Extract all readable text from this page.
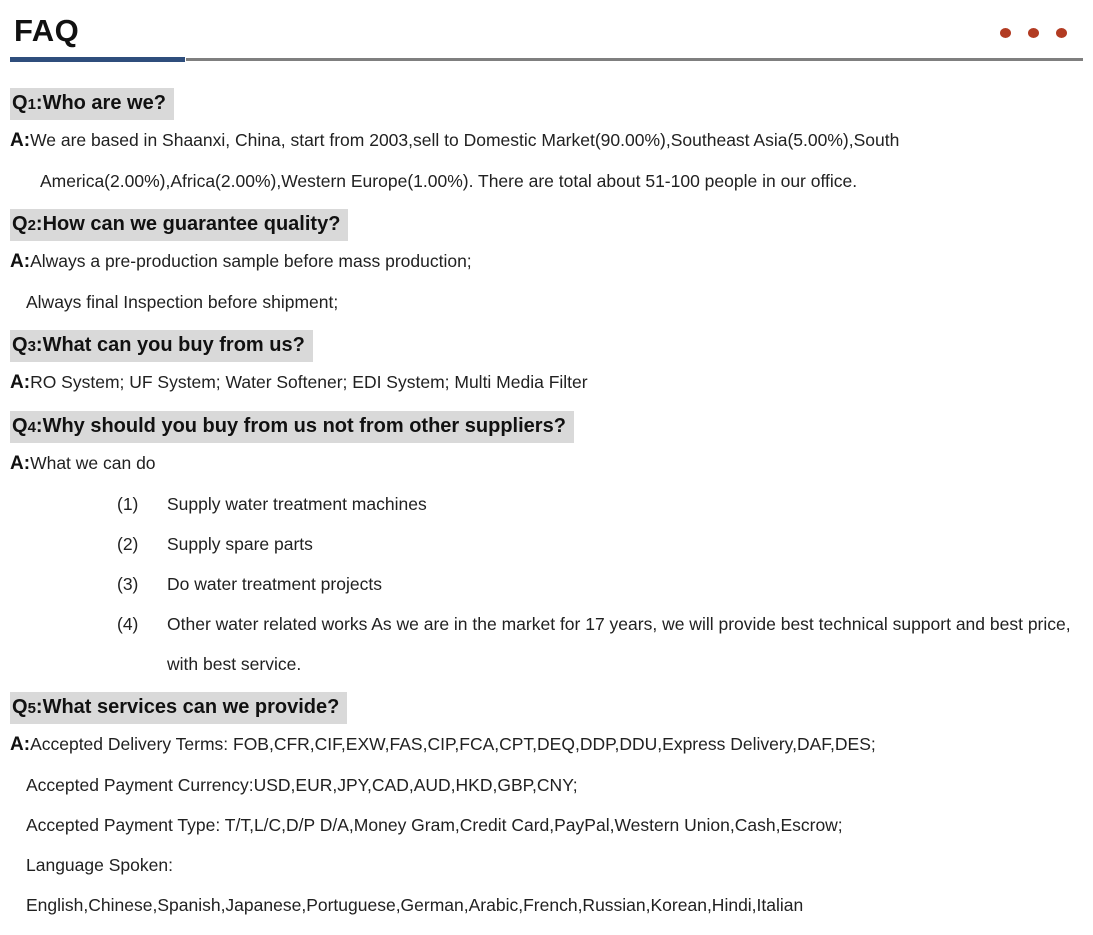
FAQ
Q1:Who are we?

A:We are based in Shaanxi, China, start from 2003,sell to Domestic Market(90.00%),Southeast Asia(5.00%),South America(2.00%),Africa(2.00%),Western Europe(1.00%). There are total about 51-100 people in our office.

Q2:How can we guarantee quality?

A:Always a pre-production sample before mass production;

Always final Inspection before shipment;

Q3:What can you buy from us?

A:RO System; UF System; Water Softener; EDI System; Multi Media Filter

Q4:Why should you buy from us not from other suppliers?

A:What we can do

(1)	Supply water treatment machines
(2)	Supply spare parts
(3)	Do water treatment projects
(4)	Other water related works As we are in the market for 17 years, we will provide best technical support and best price, with best service.
Q5:What services can we provide?

A:Accepted Delivery Terms: FOB,CFR,CIF,EXW,FAS,CIP,FCA,CPT,DEQ,DDP,DDU,Express Delivery,DAF,DES;

Accepted Payment Currency:USD,EUR,JPY,CAD,AUD,HKD,GBP,CNY;

Accepted Payment Type: T/T,L/C,D/P D/A,Money Gram,Credit Card,PayPal,Western Union,Cash,Escrow;

Language Spoken:

English,Chinese,Spanish,Japanese,Portuguese,German,Arabic,French,Russian,Korean,Hindi,Italian
